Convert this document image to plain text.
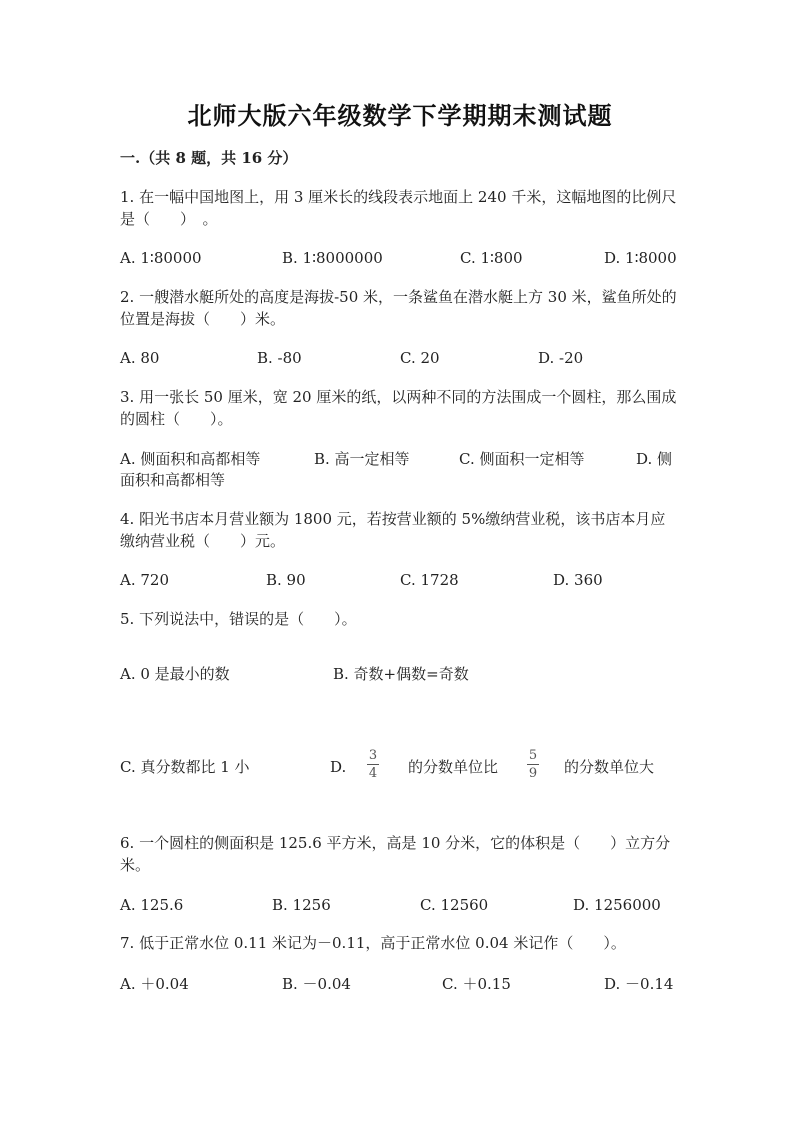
北师大版六年级数学下学期期末测试题
一.（共 8 题，共 16 分）
1. 在一幅中国地图上，用 3 厘米长的线段表示地面上 240 千米，这幅地图的比例尺是（　　）　。
A. 1∶80000	B. 1∶8000000	C. 1∶800	D. 1∶8000
2. 一艘潜水艇所处的高度是海拔-50 米，一条鲨鱼在潜水艇上方 30 米，鲨鱼所处的位置是海拔（　　）米。
A. 80	B. -80	C. 20	D. -20
3. 用一张长 50 厘米，宽 20 厘米的纸，以两种不同的方法围成一个圆柱，那么围成的圆柱（　　）。
A. 侧面积和高都相等	B. 高一定相等	C. 侧面积一定相等	D. 侧
面积和高都相等
4. 阳光书店本月营业额为 1800 元，若按营业额的 5%缴纳营业税，该书店本月应缴纳营业税（　　）元。
A. 720	B. 90	C. 1728	D. 360
5. 下列说法中，错误的是（　　）。
A. 0 是最小的数	B. 奇数+偶数=奇数
C. 真分数都比 1 小	D.
3
4 的分数单位比
5
9 的分数单位大
6. 一个圆柱的侧面积是 125.6 平方米，高是 10 分米，它的体积是（　　）立方分米。
A. 125.6	B. 1256	C. 12560	D. 1256000
7. 低于正常水位 0.11 米记为－0.11，高于正常水位 0.04 米记作（　　）。
A. ＋0.04	B. －0.04	C. ＋0.15	D. －0.14
